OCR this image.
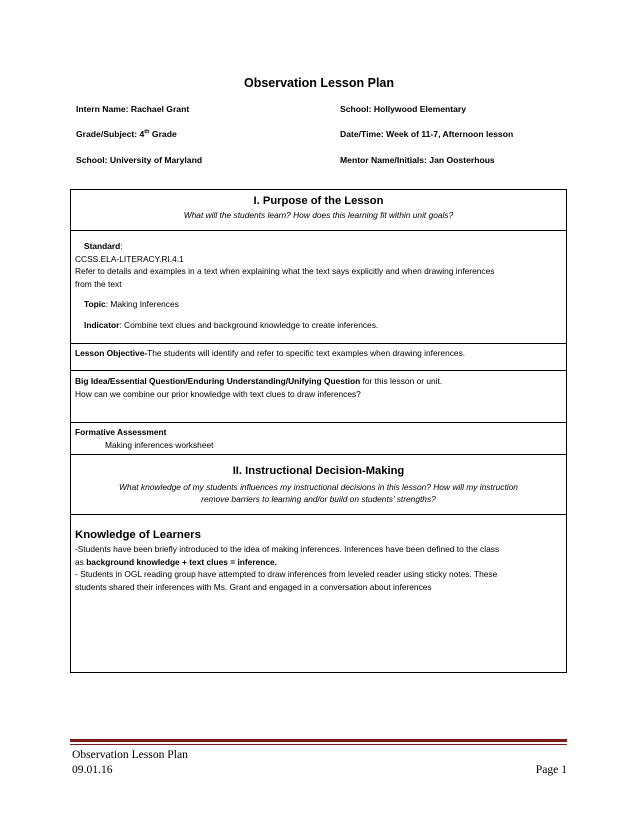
Observation Lesson Plan
Intern Name: Rachael Grant	School: Hollywood Elementary
Grade/Subject: 4th Grade	Date/Time: Week of 11-7, Afternoon lesson
School: University of Maryland	Mentor Name/Initials: Jan Oosterhous
I. Purpose of the Lesson
What will the students learn? How does this learning fit within unit goals?
Standard:
CCSS.ELA-LITERACY.RI.4.1
Refer to details and examples in a text when explaining what the text says explicitly and when drawing inferences
from the text
Topic: Making Inferences
Indicator: Combine text clues and background knowledge to create inferences.
Lesson Objective-The students will identify and refer to specific text examples when drawing inferences.
Big Idea/Essential Question/Enduring Understanding/Unifying Question for this lesson or unit.
How can we combine our prior knowledge with text clues to draw inferences?
Formative Assessment
Making inferences worksheet
II. Instructional Decision-Making
What knowledge of my students influences my instructional decisions in this lesson? How will my instruction
remove barriers to learning and/or build on students’ strengths?
Knowledge of Learners
-Students have been briefly introduced to the idea of making inferences. Inferences have been defined to the class
as background knowledge + text clues = inference.
- Students in OGL reading group have attempted to draw inferences from leveled reader using sticky notes. These
students shared their inferences with Ms. Grant and engaged in a conversation about inferences
Observation Lesson Plan
09.01.16	Page 1
